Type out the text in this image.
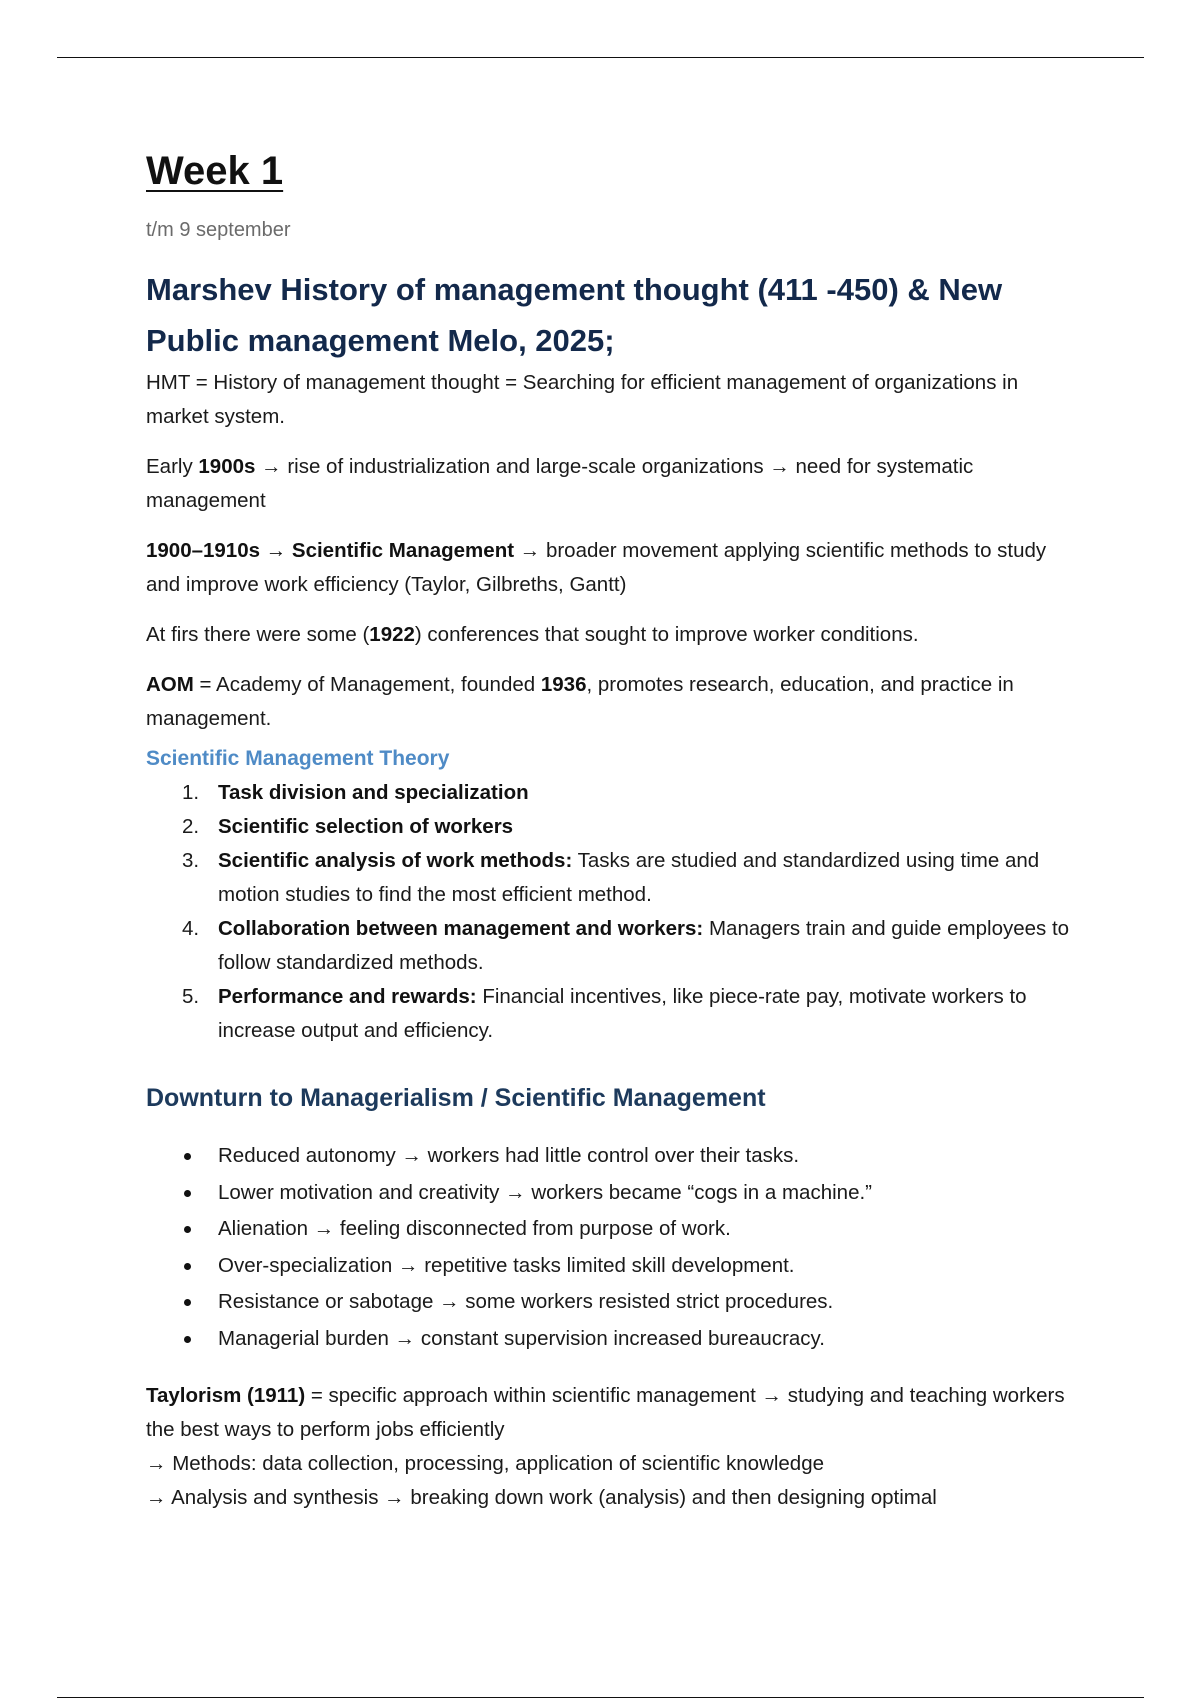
Week 1
t/m 9 september
Marshev History of management thought (411 -450) & New Public management Melo, 2025;

HMT = History of management thought = Searching for efficient management of organizations in market system.

Early 1900s → rise of industrialization and large-scale organizations → need for systematic management

1900–1910s → Scientific Management → broader movement applying scientific methods to study and improve work efficiency (Taylor, Gilbreths, Gantt)

At firs there were some (1922) conferences that sought to improve worker conditions.

AOM = Academy of Management, founded 1936, promotes research, education, and practice in management.

Scientific Management Theory
1. Task division and specialization
2. Scientific selection of workers
3. Scientific analysis of work methods: Tasks are studied and standardized using time and motion studies to find the most efficient method.
4. Collaboration between management and workers: Managers train and guide employees to follow standardized methods.
5. Performance and rewards: Financial incentives, like piece-rate pay, motivate workers to increase output and efficiency.
Downturn to Managerialism / Scientific Management
Reduced autonomy → workers had little control over their tasks.
Lower motivation and creativity → workers became “cogs in a machine.”
Alienation → feeling disconnected from purpose of work.
Over-specialization → repetitive tasks limited skill development.
Resistance or sabotage → some workers resisted strict procedures.
Managerial burden → constant supervision increased bureaucracy.

Taylorism (1911) = specific approach within scientific management → studying and teaching workers the best ways to perform jobs efficiently
→ Methods: data collection, processing, application of scientific knowledge
→ Analysis and synthesis → breaking down work (analysis) and then designing optimal
